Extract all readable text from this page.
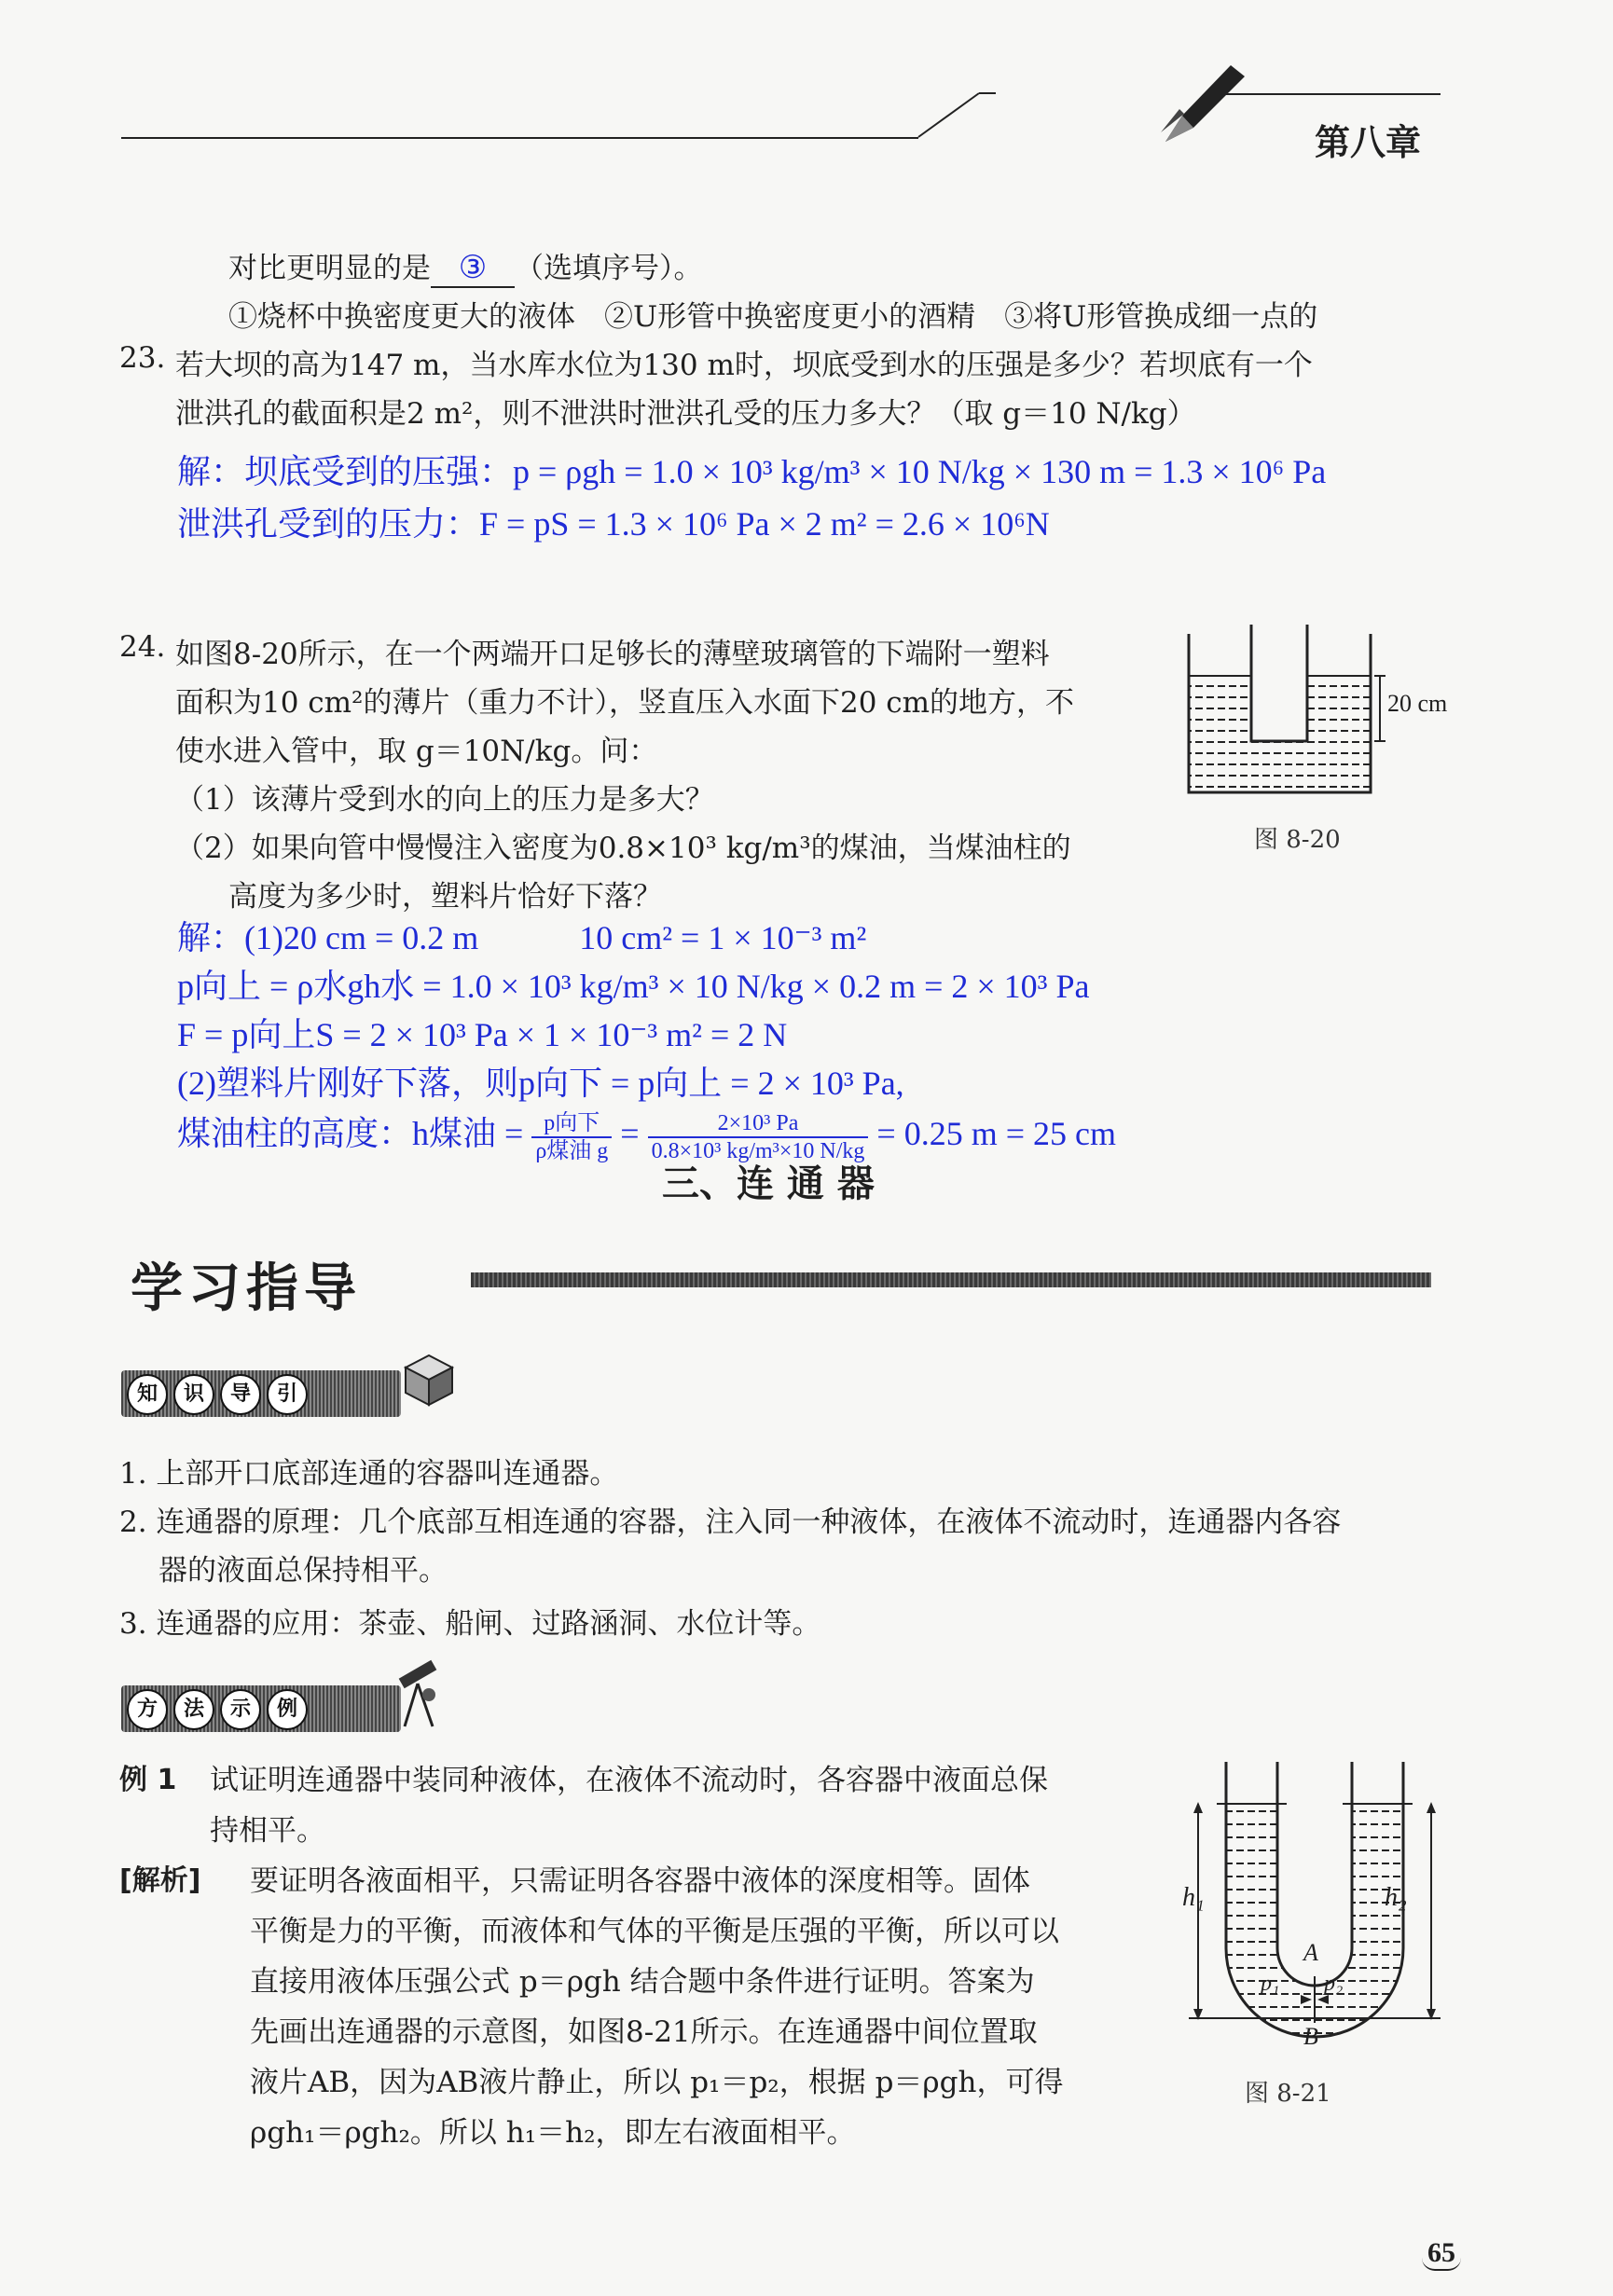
第八章
对比更明显的是 ③ （选填序号）。
①烧杯中换密度更大的液体　②U形管中换密度更小的酒精　③将U形管换成细一点的
23. 若大坝的高为147 m，当水库水位为130 m时，坝底受到水的压强是多少？若坝底有一个
泄洪孔的截面积是2 m²，则不泄洪时泄洪孔受的压力多大？（取 g＝10 N/kg）
解：坝底受到的压强：p = ρgh = 1.0 × 10³ kg/m³ × 10 N/kg × 130 m = 1.3 × 10⁶ Pa
泄洪孔受到的压力：F = pS = 1.3 × 10⁶ Pa × 2 m² = 2.6 × 10⁶N
24. 如图8-20所示，在一个两端开口足够长的薄壁玻璃管的下端附一塑料
面积为10 cm²的薄片（重力不计），竖直压入水面下20 cm的地方，不
使水进入管中，取 g＝10N/kg。问：
（1）该薄片受到水的向上的压力是多大？
（2）如果向管中慢慢注入密度为0.8×10³ kg/m³的煤油，当煤油柱的
高度为多少时，塑料片恰好下落？
20 cm
图 8-20
解：(1)20 cm = 0.2 m　　　10 cm² = 1 × 10⁻³ m²
p向上 = ρ水gh水 = 1.0 × 10³ kg/m³ × 10 N/kg × 0.2 m = 2 × 10³ Pa
F = p向上S = 2 × 10³ Pa × 1 × 10⁻³ m² = 2 N
(2)塑料片刚好下落，则p向下 = p向上 = 2 × 10³ Pa,
煤油柱的高度：h煤油 = $\frac{\text{p向下}}{\text{ρ煤油 g}} = \frac{\text{2×10³ Pa}}{\text{0.8×10³ kg/m³×10 N/kg}} = 0.25$ m = 25 cm
三、连 通 器
学习指导
知 识 导 引
1. 上部开口底部连通的容器叫连通器。
2. 连通器的原理：几个底部互相连通的容器，注入同一种液体，在液体不流动时，连通器内各容
器的液面总保持相平。
3. 连通器的应用：茶壶、船闸、过路涵洞、水位计等。
方 法 示 例
例 1 试证明连通器中装同种液体，在液体不流动时，各容器中液面总保
持相平。
[解析] 要证明各液面相平，只需证明各容器中液体的深度相等。固体
平衡是力的平衡，而液体和气体的平衡是压强的平衡，所以可以
直接用液体压强公式 p＝ρgh 结合题中条件进行证明。答案为
先画出连通器的示意图，如图8-21所示。在连通器中间位置取
液片AB，因为AB液片静止，所以 p₁＝p₂，根据 p＝ρgh，可得
ρgh₁＝ρgh₂。所以 h₁＝h₂，即左右液面相平。
h₁	h₂
A
p₁ p₂
B
图 8-21
65
